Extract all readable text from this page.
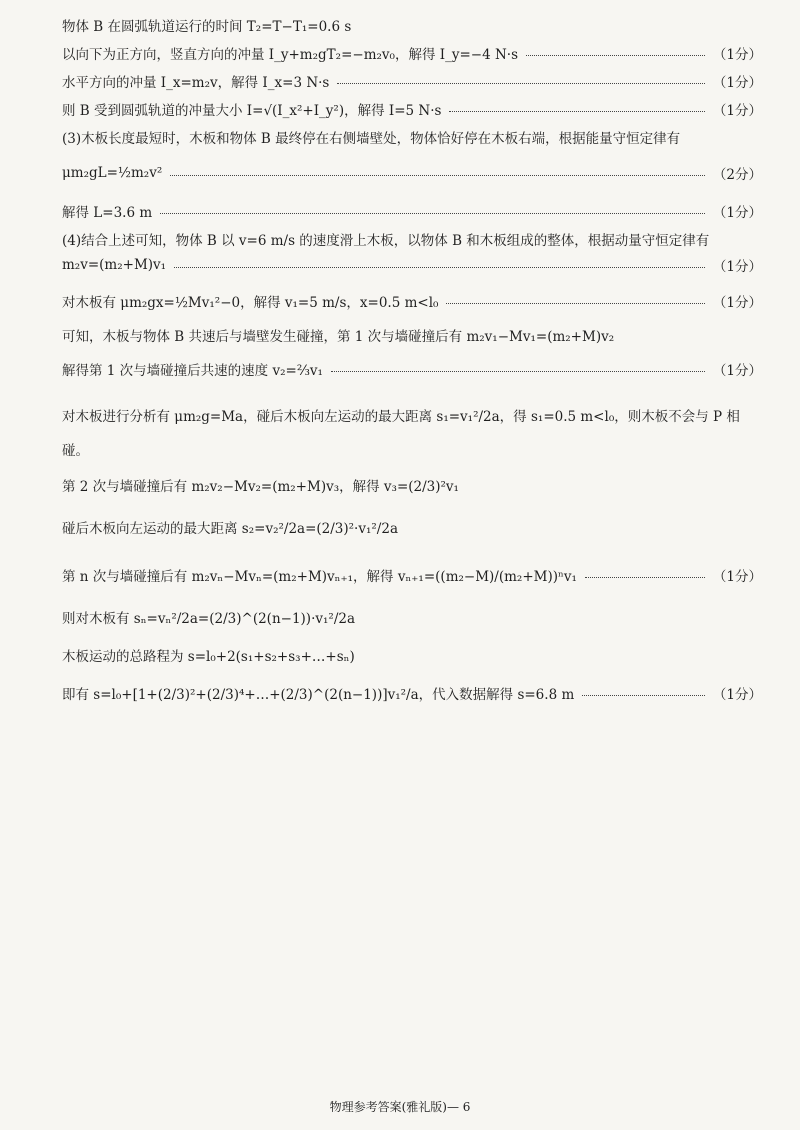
物体 B 在圆弧轨道运行的时间 T₂=T−T₁=0.6 s
以向下为正方向，竖直方向的冲量 I_y+m₂gT₂=−m₂v₀，解得 I_y=−4 N·s	（1分）
水平方向的冲量 I_x=m₂v，解得 I_x=3 N·s	（1分）
则 B 受到圆弧轨道的冲量大小 I=√(I_x²+I_y²)，解得 I=5 N·s	（1分）
(3)木板长度最短时，木板和物体 B 最终停在右侧墙壁处，物体恰好停在木板右端，根据能量守恒定律有
μm₂gL=½m₂v²	（2分）
解得 L=3.6 m	（1分）
(4)结合上述可知，物体 B 以 v=6 m/s 的速度滑上木板，以物体 B 和木板组成的整体，根据动量守恒定律有
m₂v=(m₂+M)v₁	（1分）
对木板有 μm₂gx=½Mv₁²−0，解得 v₁=5 m/s，x=0.5 m<l₀	（1分）
可知，木板与物体 B 共速后与墙壁发生碰撞，第 1 次与墙碰撞后有 m₂v₁−Mv₁=(m₂+M)v₂
解得第 1 次与墙碰撞后共速的速度 v₂=⅔v₁	（1分）
对木板进行分析有 μm₂g=Ma，碰后木板向左运动的最大距离 s₁=v₁²/2a，得 s₁=0.5 m<l₀，则木板不会与 P 相
碰。
第 2 次与墙碰撞后有 m₂v₂−Mv₂=(m₂+M)v₃，解得 v₃=(2/3)²v₁
碰后木板向左运动的最大距离 s₂=v₂²/2a=(2/3)²·v₁²/2a
第 n 次与墙碰撞后有 m₂vₙ−Mvₙ=(m₂+M)vₙ₊₁，解得 vₙ₊₁=((m₂−M)/(m₂+M))ⁿv₁	（1分）
则对木板有 sₙ=vₙ²/2a=(2/3)^(2(n−1))·v₁²/2a
木板运动的总路程为 s=l₀+2(s₁+s₂+s₃+…+sₙ)
即有 s=l₀+[1+(2/3)²+(2/3)⁴+…+(2/3)^(2(n−1))]v₁²/a，代入数据解得 s=6.8 m	（1分）
物理参考答案(雅礼版)— 6
